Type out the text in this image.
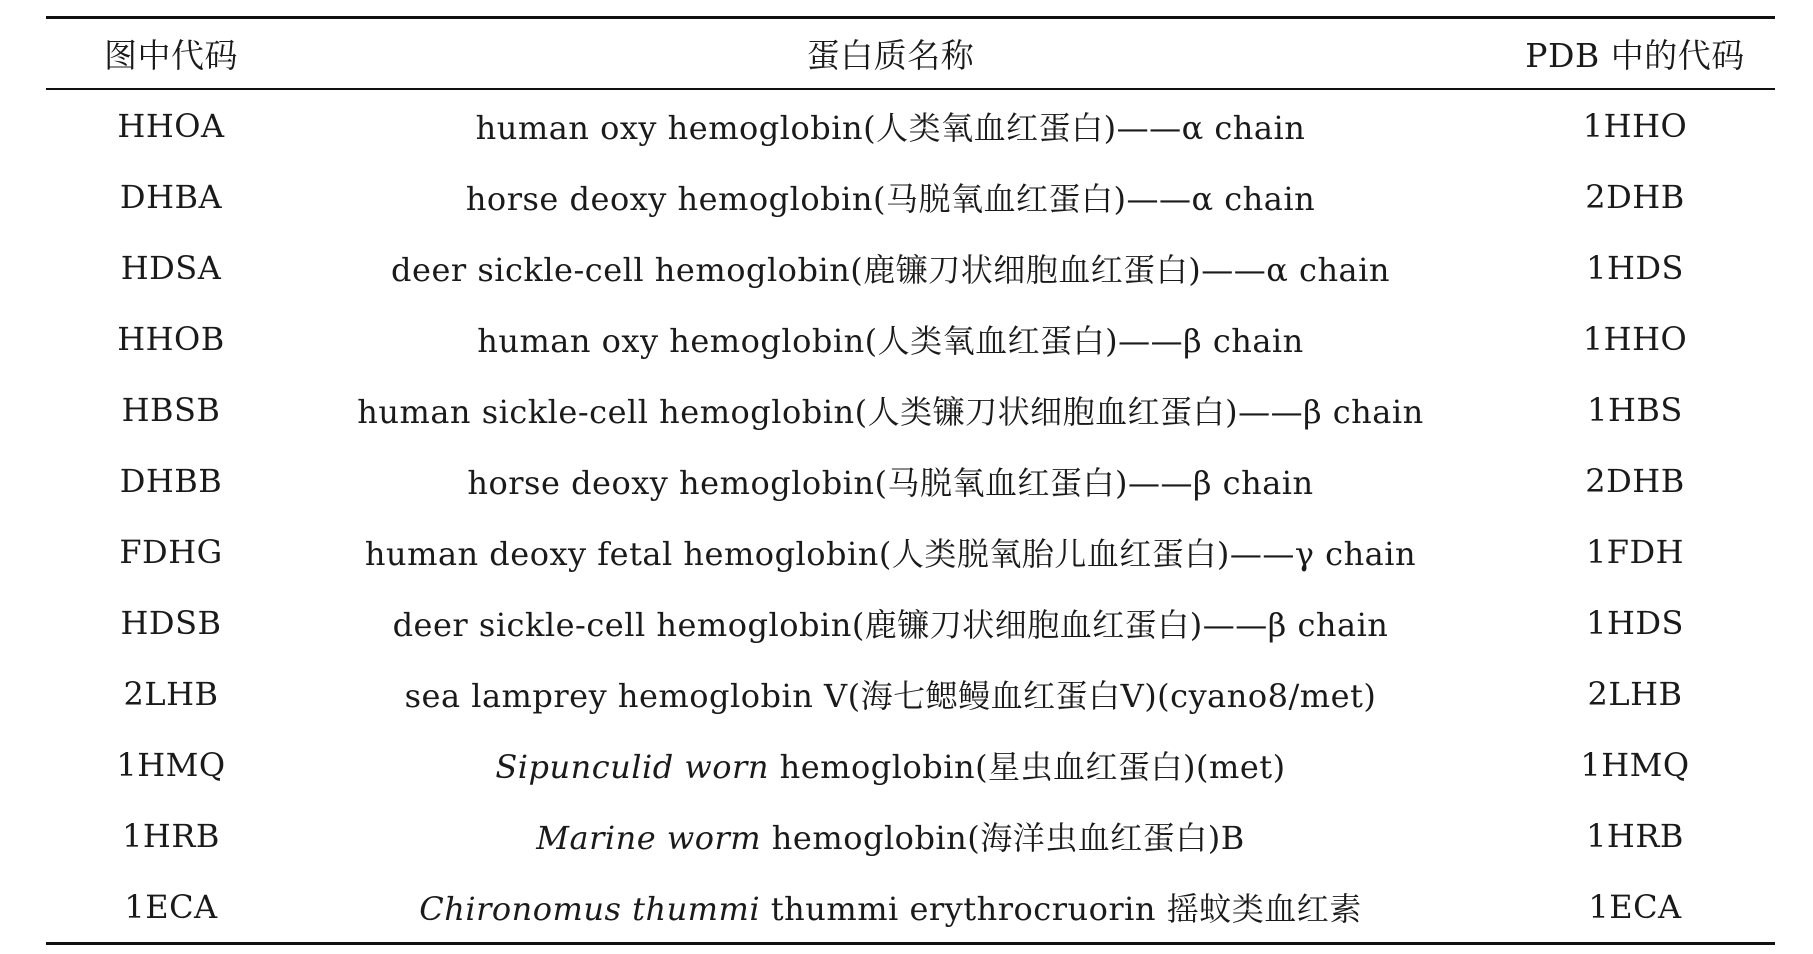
图中代码	蛋白质名称	PDB 中的代码
HHOA	human oxy hemoglobin(人类氧血红蛋白)——α chain	1HHO
DHBA	horse deoxy hemoglobin(马脱氧血红蛋白)——α chain	2DHB
HDSA	deer sickle-cell hemoglobin(鹿镰刀状细胞血红蛋白)——α chain	1HDS
HHOB	human oxy hemoglobin(人类氧血红蛋白)——β chain	1HHO
HBSB	human sickle-cell hemoglobin(人类镰刀状细胞血红蛋白)——β chain	1HBS
DHBB	horse deoxy hemoglobin(马脱氧血红蛋白)——β chain	2DHB
FDHG	human deoxy fetal hemoglobin(人类脱氧胎儿血红蛋白)——γ chain	1FDH
HDSB	deer sickle-cell hemoglobin(鹿镰刀状细胞血红蛋白)——β chain	1HDS
2LHB	sea lamprey hemoglobin Ⅴ(海七鳃鳗血红蛋白Ⅴ)(cyano8/met)	2LHB
1HMQ	Sipunculid worn hemoglobin(星虫血红蛋白)(met)	1HMQ
1HRB	Marine worm hemoglobin(海洋虫血红蛋白)B	1HRB
1ECA	Chironomus thummi thummi erythrocruorin 摇蚊类血红素	1ECA
